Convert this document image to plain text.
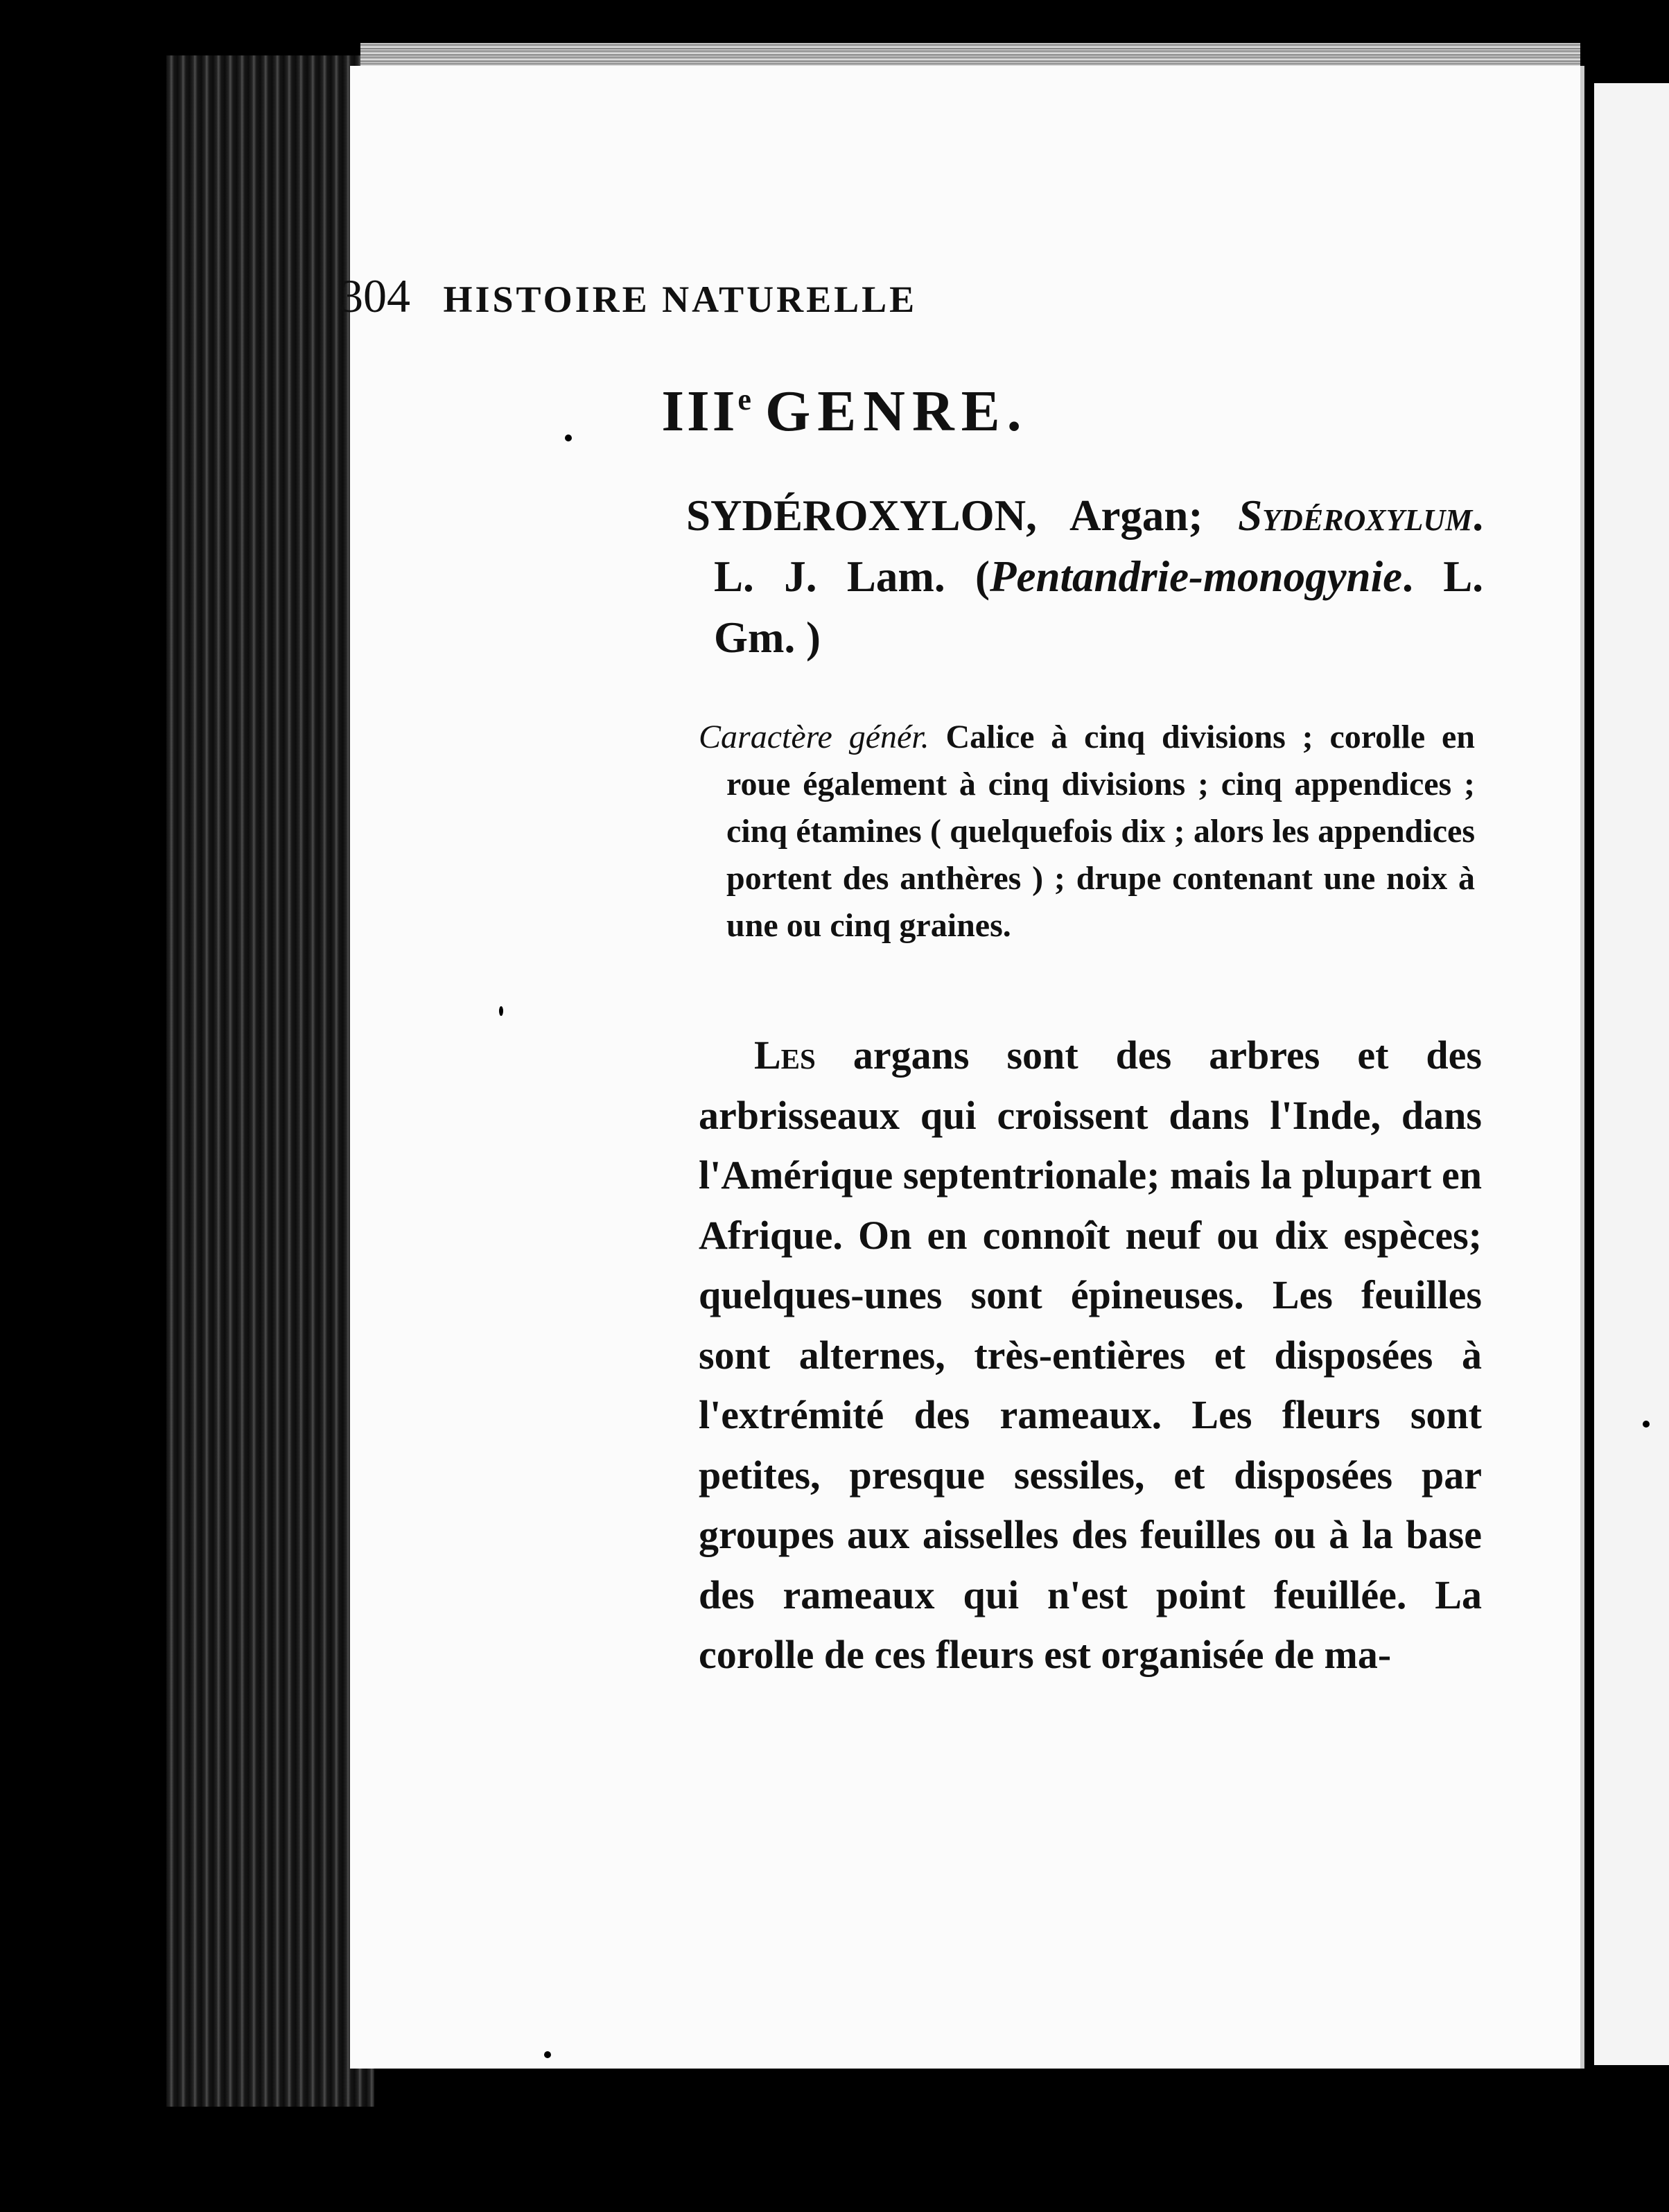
304 HISTOIRE NATURELLE
IIIe GENRE.
SYDÉROXYLON, Argan; Sydéroxylum. L. J. Lam. (Pentandrie-monogynie. L. Gm. )
Caractère génér. Calice à cinq divisions ; corolle en roue également à cinq divisions ; cinq appendices ; cinq étamines ( quelquefois dix ; alors les appendices portent des anthères ) ; drupe contenant une noix à une ou cinq graines.
Les argans sont des arbres et des arbrisseaux qui croissent dans l'Inde, dans l'Amérique septentrionale; mais la plupart en Afrique. On en connoît neuf ou dix espèces; quelques-unes sont épineuses. Les feuilles sont alternes, très-entières et disposées à l'extrémité des rameaux. Les fleurs sont petites, presque sessiles, et disposées par groupes aux aisselles des feuilles ou à la base des rameaux qui n'est point feuillée. La corolle de ces fleurs est organisée de ma-
